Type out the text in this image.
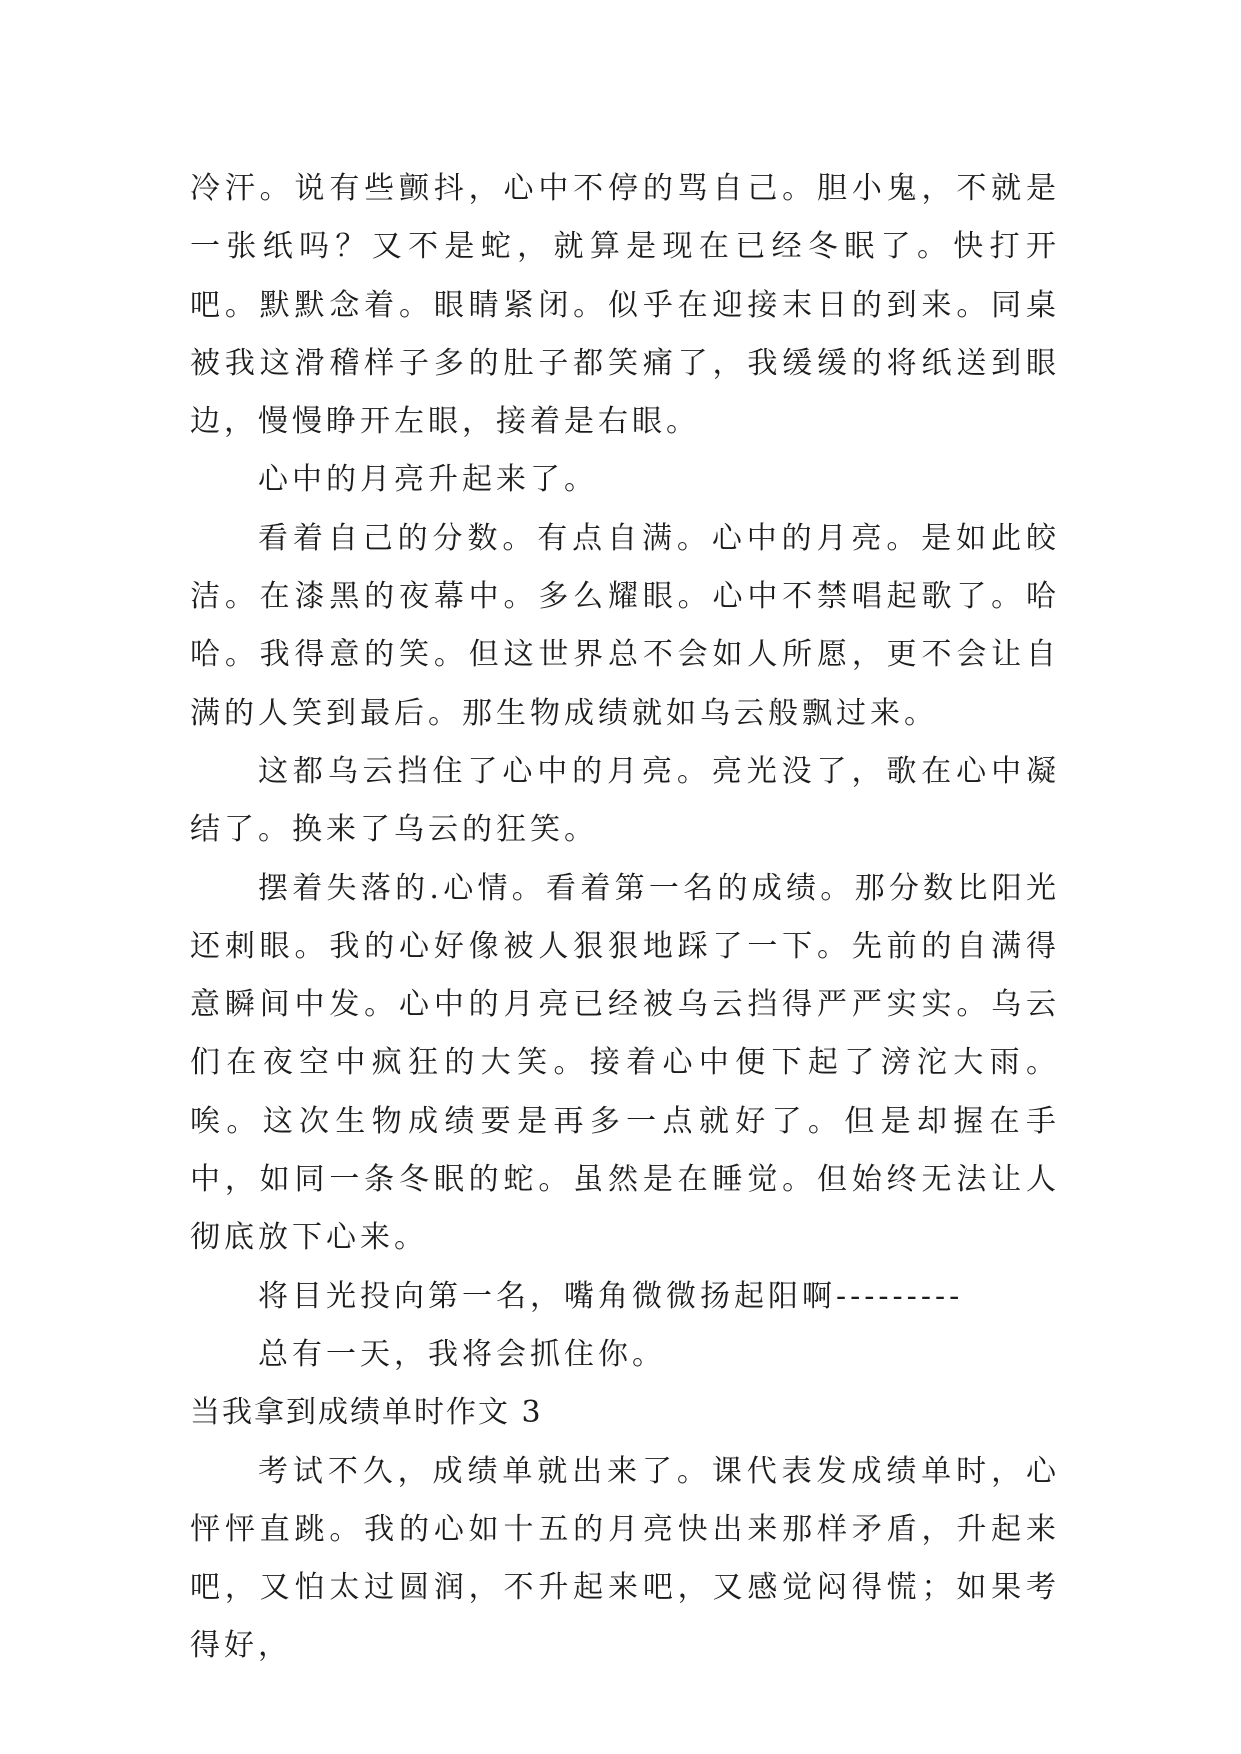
冷汗。说有些颤抖，心中不停的骂自己。胆小鬼，不就是一张纸吗？又不是蛇，就算是现在已经冬眠了。快打开吧。默默念着。眼睛紧闭。似乎在迎接末日的到来。同桌被我这滑稽样子多的肚子都笑痛了，我缓缓的将纸送到眼边，慢慢睁开左眼，接着是右眼。

心中的月亮升起来了。

看着自己的分数。有点自满。心中的月亮。是如此皎洁。在漆黑的夜幕中。多么耀眼。心中不禁唱起歌了。哈哈。我得意的笑。但这世界总不会如人所愿，更不会让自满的人笑到最后。那生物成绩就如乌云般飘过来。

这都乌云挡住了心中的月亮。亮光没了，歌在心中凝结了。换来了乌云的狂笑。

摆着失落的.心情。看着第一名的成绩。那分数比阳光还刺眼。我的心好像被人狠狠地踩了一下。先前的自满得意瞬间中发。心中的月亮已经被乌云挡得严严实实。乌云们在夜空中疯狂的大笑。接着心中便下起了滂沱大雨。唉。这次生物成绩要是再多一点就好了。但是却握在手中，如同一条冬眠的蛇。虽然是在睡觉。但始终无法让人彻底放下心来。

将目光投向第一名，嘴角微微扬起阳啊---------

总有一天，我将会抓住你。

当我拿到成绩单时作文 3

考试不久，成绩单就出来了。课代表发成绩单时，心怦怦直跳。我的心如十五的月亮快出来那样矛盾，升起来吧，又怕太过圆润，不升起来吧，又感觉闷得慌；如果考得好，
